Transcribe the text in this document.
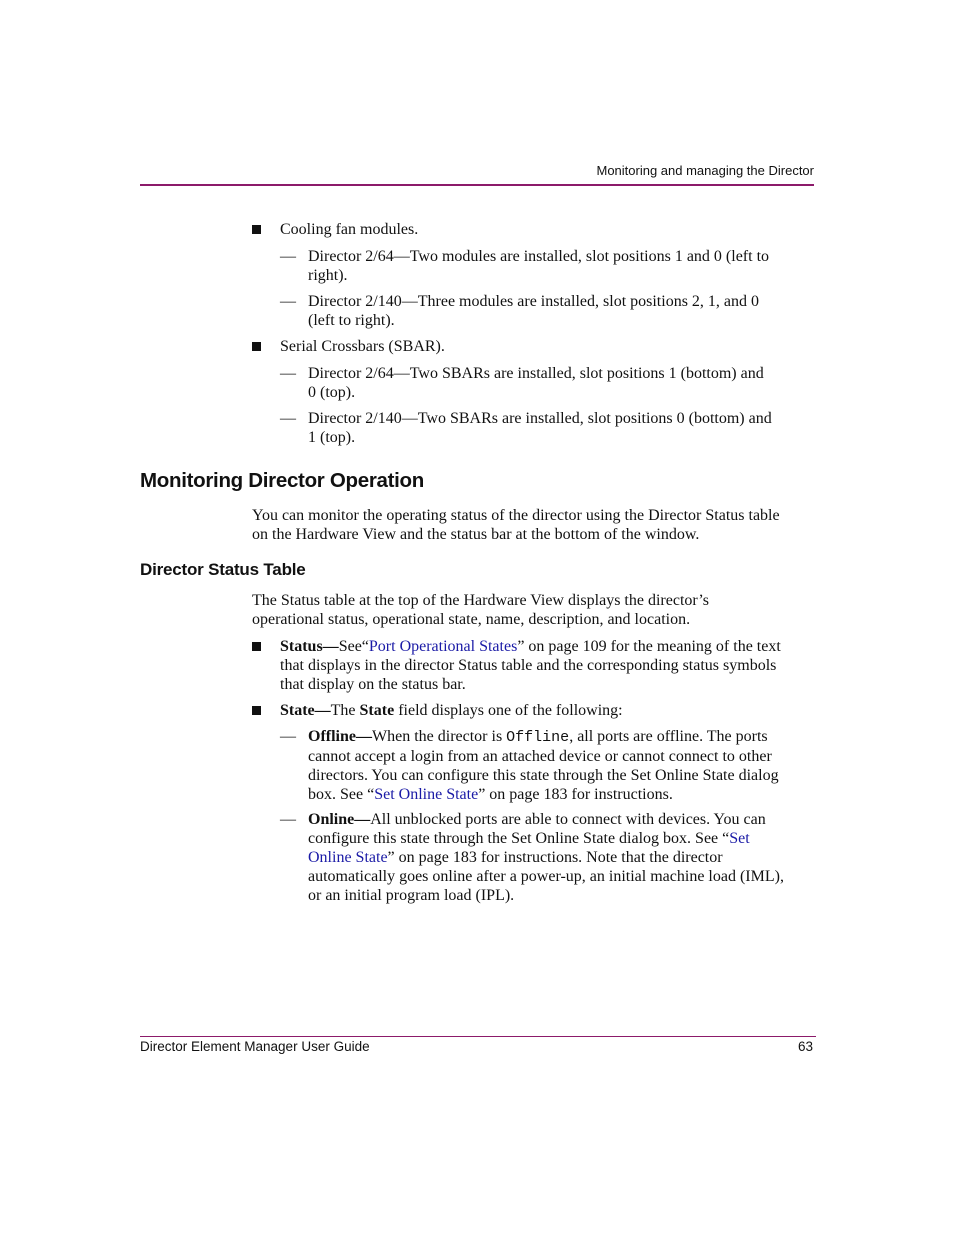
Monitoring and managing the Director
Cooling fan modules.
— Director 2/64—Two modules are installed, slot positions 1 and 0 (left to
right).
— Director 2/140—Three modules are installed, slot positions 2, 1, and 0
(left to right).
Serial Crossbars (SBAR).
— Director 2/64—Two SBARs are installed, slot positions 1 (bottom) and
0 (top).
— Director 2/140—Two SBARs are installed, slot positions 0 (bottom) and
1 (top).
Monitoring Director Operation
You can monitor the operating status of the director using the Director Status table
on the Hardware View and the status bar at the bottom of the window.
Director Status Table
The Status table at the top of the Hardware View displays the director’s
operational status, operational state, name, description, and location.
Status—See“Port Operational States” on page 109 for the meaning of the text
that displays in the director Status table and the corresponding status symbols
that display on the status bar.
State—The State field displays one of the following:
— Offline—When the director is Offline, all ports are offline. The ports
cannot accept a login from an attached device or cannot connect to other
directors. You can configure this state through the Set Online State dialog
box. See “Set Online State” on page 183 for instructions.
— Online—All unblocked ports are able to connect with devices. You can
configure this state through the Set Online State dialog box. See “Set
Online State” on page 183 for instructions. Note that the director
automatically goes online after a power-up, an initial machine load (IML),
or an initial program load (IPL).
Director Element Manager User Guide	63
